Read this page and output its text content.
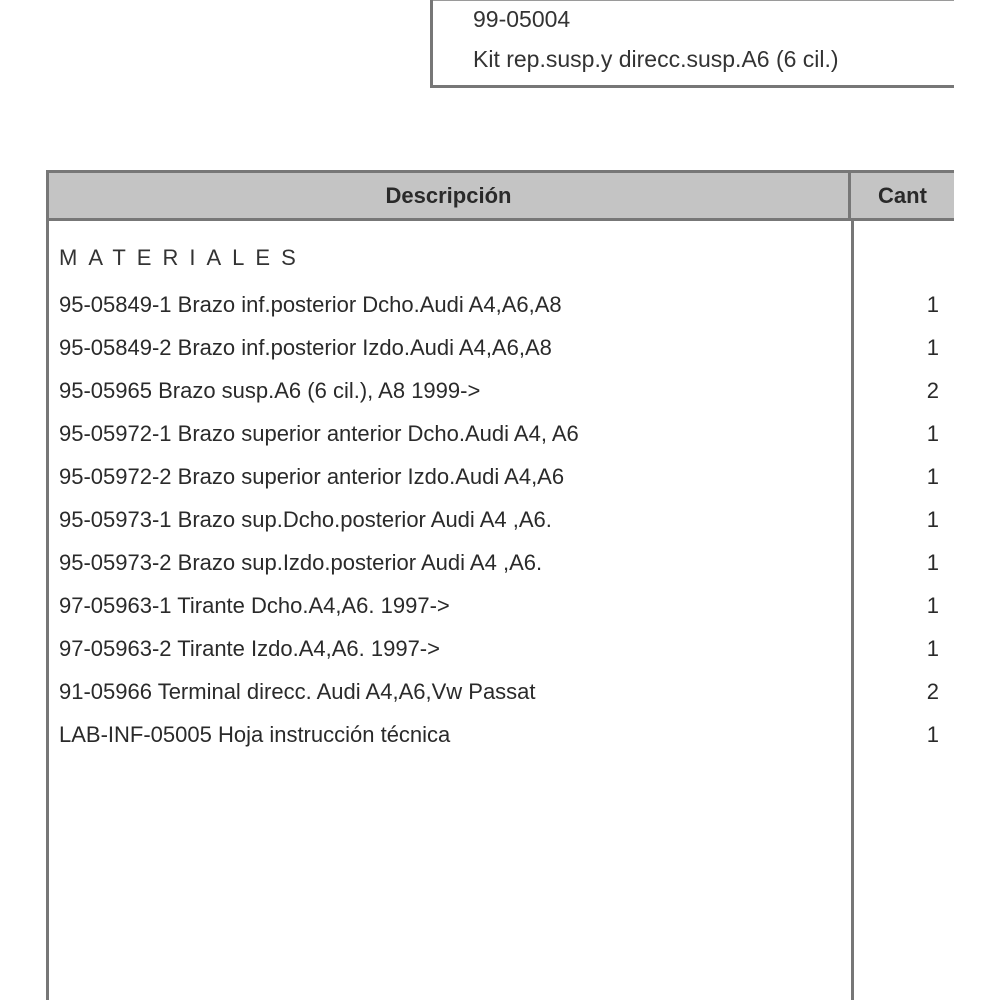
99-05004
Kit rep.susp.y direcc.susp.A6 (6 cil.)
Descripción	Cant
MATERIALES
95-05849-1 Brazo inf.posterior Dcho.Audi A4,A6,A8	1
95-05849-2 Brazo inf.posterior Izdo.Audi A4,A6,A8	1
95-05965 Brazo susp.A6 (6 cil.), A8 1999->	2
95-05972-1 Brazo superior anterior Dcho.Audi A4, A6	1
95-05972-2 Brazo superior anterior Izdo.Audi A4,A6	1
95-05973-1 Brazo sup.Dcho.posterior Audi A4 ,A6.	1
95-05973-2 Brazo sup.Izdo.posterior Audi A4 ,A6.	1
97-05963-1 Tirante Dcho.A4,A6. 1997->	1
97-05963-2 Tirante Izdo.A4,A6. 1997->	1
91-05966 Terminal direcc. Audi A4,A6,Vw Passat	2
LAB-INF-05005 Hoja instrucción técnica	1
